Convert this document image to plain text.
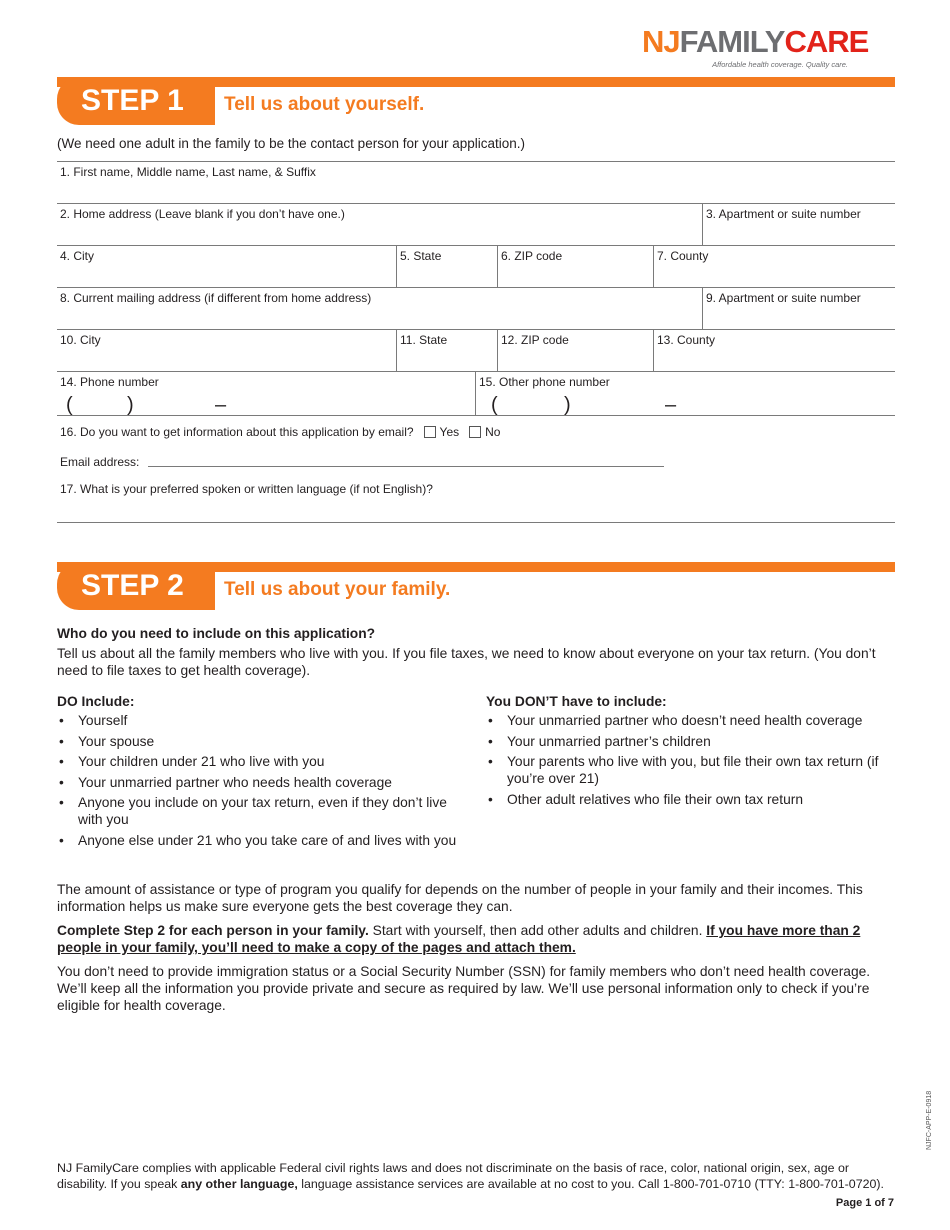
NJFAMILYCARE
Affordable health coverage. Quality care.
STEP 1	Tell us about yourself.
(We need one adult in the family to be the contact person for your application.)
1. First name, Middle name, Last name, & Suffix
2. Home address (Leave blank if you don’t have one.)	3. Apartment or suite number
4. City	5. State	6. ZIP code	7. County
8. Current mailing address (if different from home address)	9. Apartment or suite number
10. City	11. State	12. ZIP code	13. County
14. Phone number
(	)	–
15. Other phone number
(	)	–
16. Do you want to get information about this application by email? Yes No
Email address:
17. What is your preferred spoken or written language (if not English)?
STEP 2	Tell us about your family.
Who do you need to include on this application?
Tell us about all the family members who live with you. If you file taxes, we need to know about everyone on your tax return. (You don’t need to file taxes to get health coverage).
DO Include:
• Yourself
• Your spouse
• Your children under 21 who live with you
• Your unmarried partner who needs health coverage
• Anyone you include on your tax return, even if they don’t live with you
• Anyone else under 21 who you take care of and lives with you
You DON’T have to include:
• Your unmarried partner who doesn’t need health coverage
• Your unmarried partner’s children
• Your parents who live with you, but file their own tax return (if you’re over 21)
• Other adult relatives who file their own tax return
The amount of assistance or type of program you qualify for depends on the number of people in your family and their incomes. This information helps us make sure everyone gets the best coverage they can.
Complete Step 2 for each person in your family. Start with yourself, then add other adults and children. If you have more than 2 people in your family, you’ll need to make a copy of the pages and attach them.
You don’t need to provide immigration status or a Social Security Number (SSN) for family members who don’t need health coverage. We’ll keep all the information you provide private and secure as required by law. We’ll use personal information only to check if you’re eligible for health coverage.
NJ FamilyCare complies with applicable Federal civil rights laws and does not discriminate on the basis of race, color, national origin, sex, age or disability. If you speak any other language, language assistance services are available at no cost to you. Call 1-800-701-0710 (TTY: 1-800-701-0720).
Page 1 of 7
NJFC-APP-E-0918
